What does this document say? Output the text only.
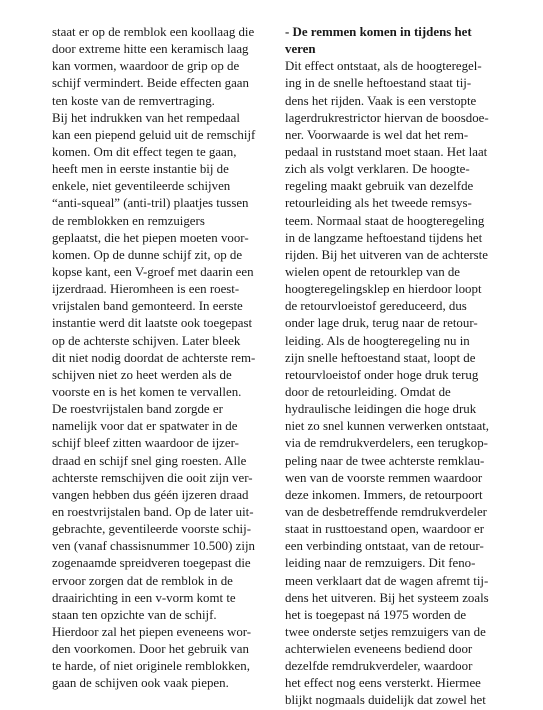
staat er op de remblok een koollaag die
door extreme hitte een keramisch laag
kan vormen, waardoor de grip op de
schijf vermindert. Beide effecten gaan
ten koste van de remvertraging.
Bij het indrukken van het rempedaal
kan een piepend geluid uit de remschijf
komen. Om dit effect tegen te gaan,
heeft men in eerste instantie bij de
enkele, niet geventileerde schijven
“anti-squeal” (anti-tril) plaatjes tussen
de remblokken en remzuigers
geplaatst, die het piepen moeten voor-
komen. Op de dunne schijf zit, op de
kopse kant, een V-groef met daarin een
ijzerdraad. Hieromheen is een roest-
vrijstalen band gemonteerd. In eerste
instantie werd dit laatste ook toegepast
op de achterste schijven. Later bleek
dit niet nodig doordat de achterste rem-
schijven niet zo heet werden als de
voorste en is het komen te vervallen.
De roestvrijstalen band zorgde er
namelijk voor dat er spatwater in de
schijf bleef zitten waardoor de ijzer-
draad en schijf snel ging roesten. Alle
achterste remschijven die ooit zijn ver-
vangen hebben dus géén ijzeren draad
en roestvrijstalen band. Op de later uit-
gebrachte, geventileerde voorste schij-
ven (vanaf chassisnummer 10.500) zijn
zogenaamde spreidveren toegepast die
ervoor zorgen dat de remblok in de
draairichting in een v-vorm komt te
staan ten opzichte van de schijf.
Hierdoor zal het piepen eveneens wor-
den voorkomen. Door het gebruik van
te harde, of niet originele remblokken,
gaan de schijven ook vaak piepen.
- De remmen komen in tijdens het
veren
Dit effect ontstaat, als de hoogteregel-
ing in de snelle heftoestand staat tij-
dens het rijden. Vaak is een verstopte
lagerdrukrestrictor hiervan de boosdoe-
ner. Voorwaarde is wel dat het rem-
pedaal in ruststand moet staan. Het laat
zich als volgt verklaren. De hoogte-
regeling maakt gebruik van dezelfde
retourleiding als het tweede remsys-
teem. Normaal staat de hoogteregeling
in de langzame heftoestand tijdens het
rijden. Bij het uitveren van de achterste
wielen opent de retourklep van de
hoogteregelingsklep en hierdoor loopt
de retourvloeistof gereduceerd, dus
onder lage druk, terug naar de retour-
leiding. Als de hoogteregeling nu in
zijn snelle heftoestand staat, loopt de
retourvloeistof onder hoge druk terug
door de retourleiding. Omdat de
hydraulische leidingen die hoge druk
niet zo snel kunnen verwerken ontstaat,
via de remdrukverdelers, een terugkop-
peling naar de twee achterste remklau-
wen van de voorste remmen waardoor
deze inkomen. Immers, de retourpoort
van de desbetreffende remdrukverdeler
staat in rusttoestand open, waardoor er
een verbinding ontstaat, van de retour-
leiding naar de remzuigers. Dit feno-
meen verklaart dat de wagen afremt tij-
dens het uitveren. Bij het systeem zoals
het is toegepast ná 1975 worden de
twee onderste setjes remzuigers van de
achterwielen eveneens bediend door
dezelfde remdrukverdeler, waardoor
het effect nog eens versterkt. Hiermee
blijkt nogmaals duidelijk dat zowel het
